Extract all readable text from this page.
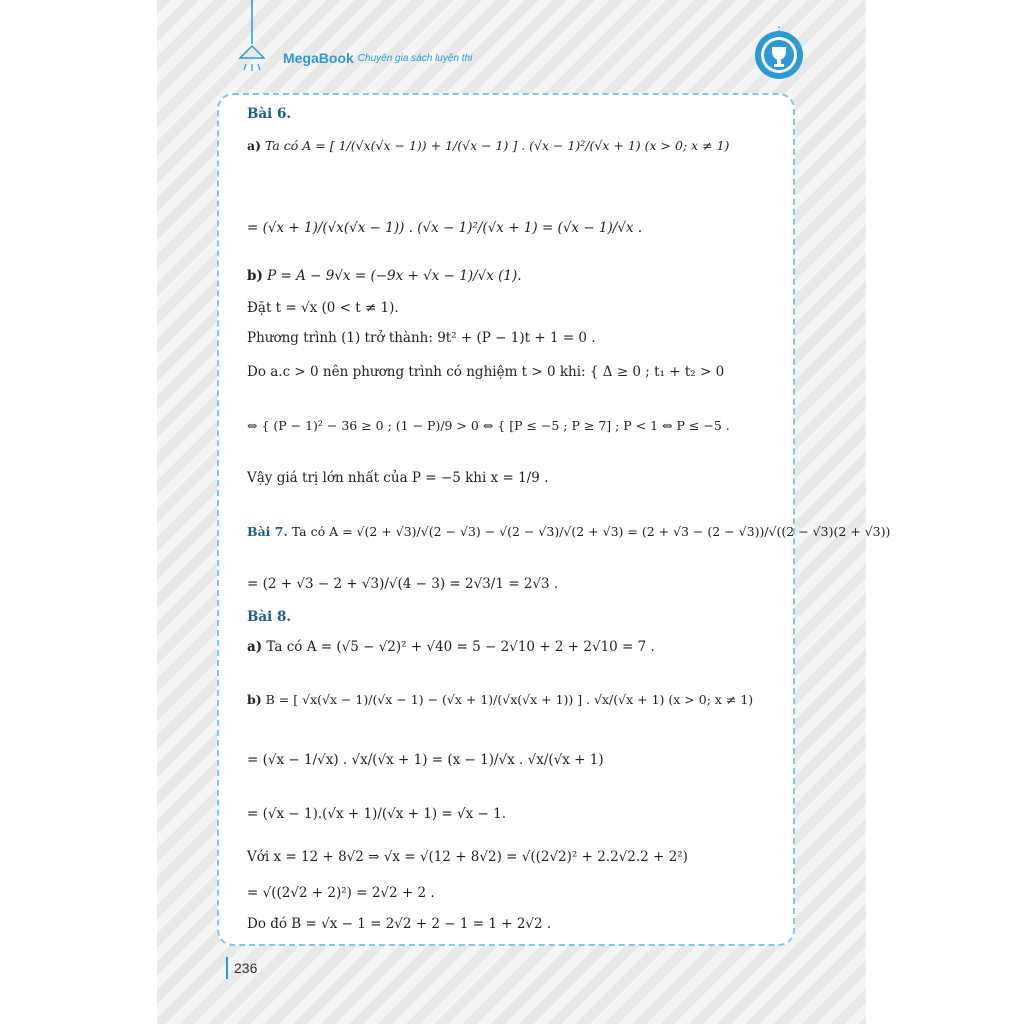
MegaBook Chuyên gia sách luyện thi
Bài 6.
a) Ta có A = [ 1/(√x(√x − 1)) + 1/(√x − 1) ] . (√x − 1)²/(√x + 1) (x > 0; x ≠ 1)
= (√x + 1)/(√x(√x − 1)) . (√x − 1)²/(√x + 1) = (√x − 1)/√x .
b) P = A − 9√x = (−9x + √x − 1)/√x (1).
Đặt t = √x (0 < t ≠ 1).
Phương trình (1) trở thành: 9t² + (P − 1)t + 1 = 0 .
Do a.c > 0 nên phương trình có nghiệm t > 0 khi: { Δ ≥ 0 ; t₁ + t₂ > 0
⇔ { (P − 1)² − 36 ≥ 0 ; (1 − P)/9 > 0 ⇔ { [P ≤ −5 ; P ≥ 7] ; P < 1 ⇔ P ≤ −5 .
Vậy giá trị lớn nhất của P = −5 khi x = 1/9 .
Bài 7. Ta có A = √(2 + √3)/√(2 − √3) − √(2 − √3)/√(2 + √3) = (2 + √3 − (2 − √3))/√((2 − √3)(2 + √3))
= (2 + √3 − 2 + √3)/√(4 − 3) = 2√3/1 = 2√3 .
Bài 8.
a) Ta có A = (√5 − √2)² + √40 = 5 − 2√10 + 2 + 2√10 = 7 .
b) B = [ √x(√x − 1)/(√x − 1) − (√x + 1)/(√x(√x + 1)) ] . √x/(√x + 1) (x > 0; x ≠ 1)
= (√x − 1/√x) . √x/(√x + 1) = (x − 1)/√x . √x/(√x + 1)
= (√x − 1).(√x + 1)/(√x + 1) = √x − 1.
Với x = 12 + 8√2 ⇒ √x = √(12 + 8√2) = √((2√2)² + 2.2√2.2 + 2²)
= √((2√2 + 2)²) = 2√2 + 2 .
Do đó B = √x − 1 = 2√2 + 2 − 1 = 1 + 2√2 .
236
